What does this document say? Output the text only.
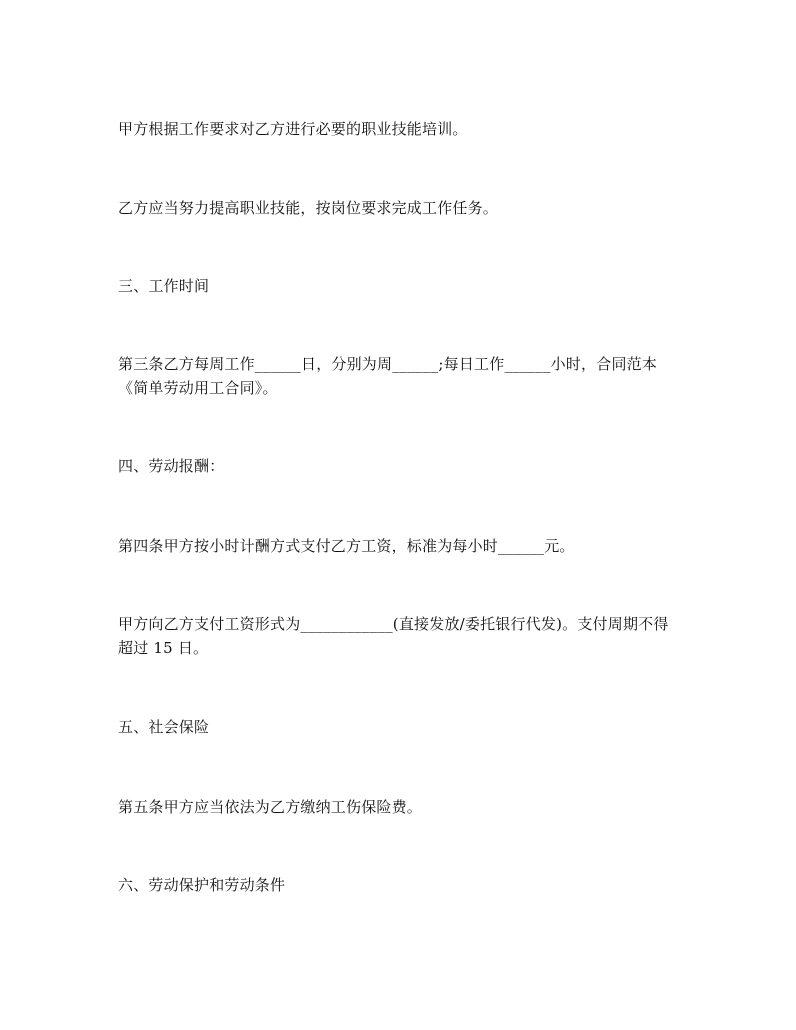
甲方根据工作要求对乙方进行必要的职业技能培训。
乙方应当努力提高职业技能，按岗位要求完成工作任务。
三、工作时间
第三条乙方每周工作______日，分别为周______;每日工作______小时，合同范本《简单劳动用工合同》。
四、劳动报酬：
第四条甲方按小时计酬方式支付乙方工资，标准为每小时______元。
甲方向乙方支付工资形式为____________(直接发放/委托银行代发)。支付周期不得超过 15 日。
五、社会保险
第五条甲方应当依法为乙方缴纳工伤保险费。
六、劳动保护和劳动条件
